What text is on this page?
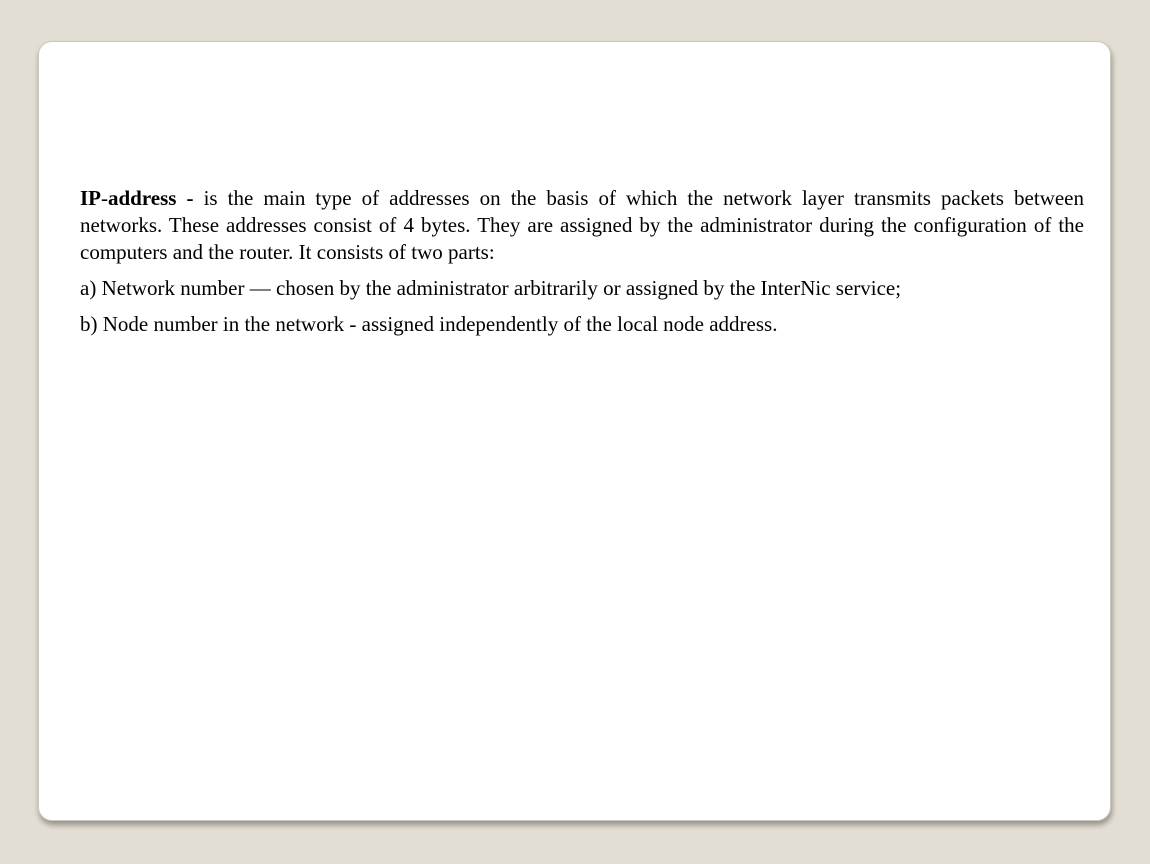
IP-address - is the main type of addresses on the basis of which the network layer transmits packets between networks. These addresses consist of 4 bytes. They are assigned by the administrator during the configuration of the computers and the router. It consists of two parts:

a) Network number — chosen by the administrator arbitrarily or assigned by the InterNic service;

b) Node number in the network - assigned independently of the local node address.
